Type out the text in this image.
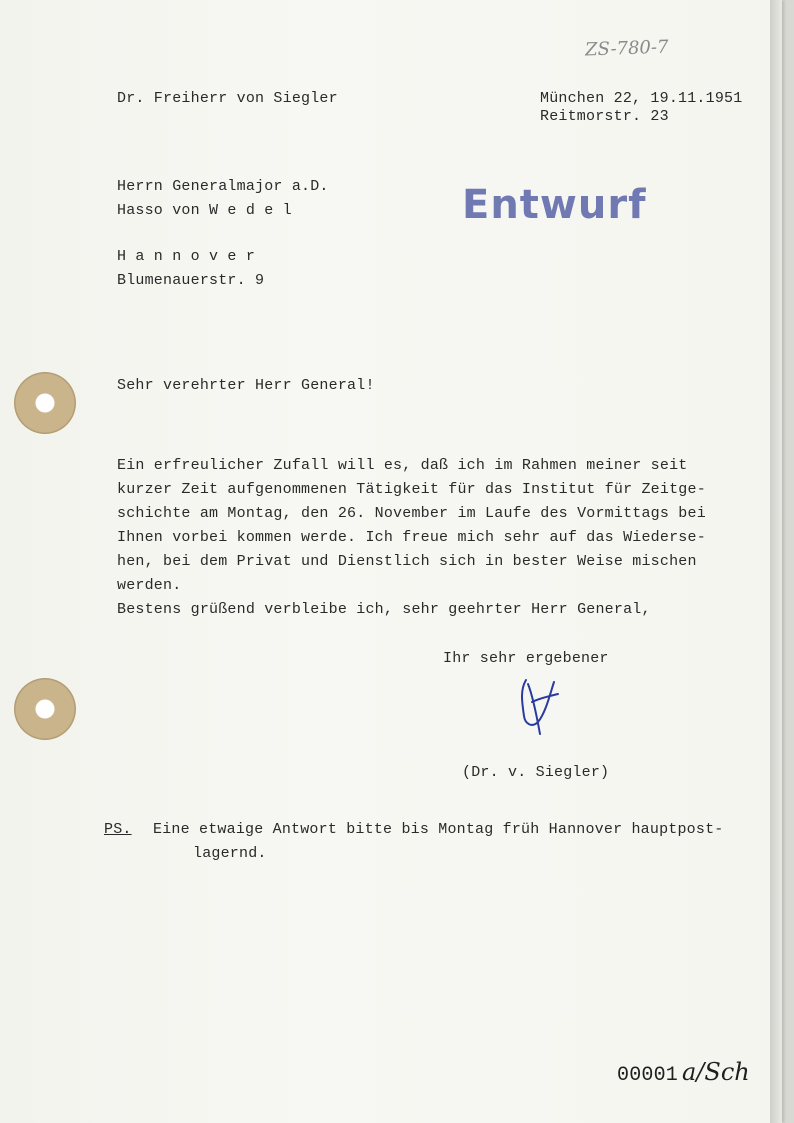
ZS-780-7
Dr. Freiherr von Siegler	München 22, 19.11.1951
Reitmorstr. 23
Herrn Generalmajor a.D.
Hasso von W e d e l
H a n n o v e r
Blumenauerstr. 9
Entwurf
Sehr verehrter Herr General!
Ein erfreulicher Zufall will es, daß ich im Rahmen meiner seit
kurzer Zeit aufgenommenen Tätigkeit für das Institut für Zeitge-
schichte am Montag, den 26. November im Laufe des Vormittags bei
Ihnen vorbei kommen werde. Ich freue mich sehr auf das Wiederse-
hen, bei dem Privat und Dienstlich sich in bester Weise mischen
werden.
Bestens grüßend verbleibe ich, sehr geehrter Herr General,
Ihr sehr ergebener
(Dr. v. Siegler)
PS. Eine etwaige Antwort bitte bis Montag früh Hannover hauptpost-
lagernd.
00001 a/Sch
